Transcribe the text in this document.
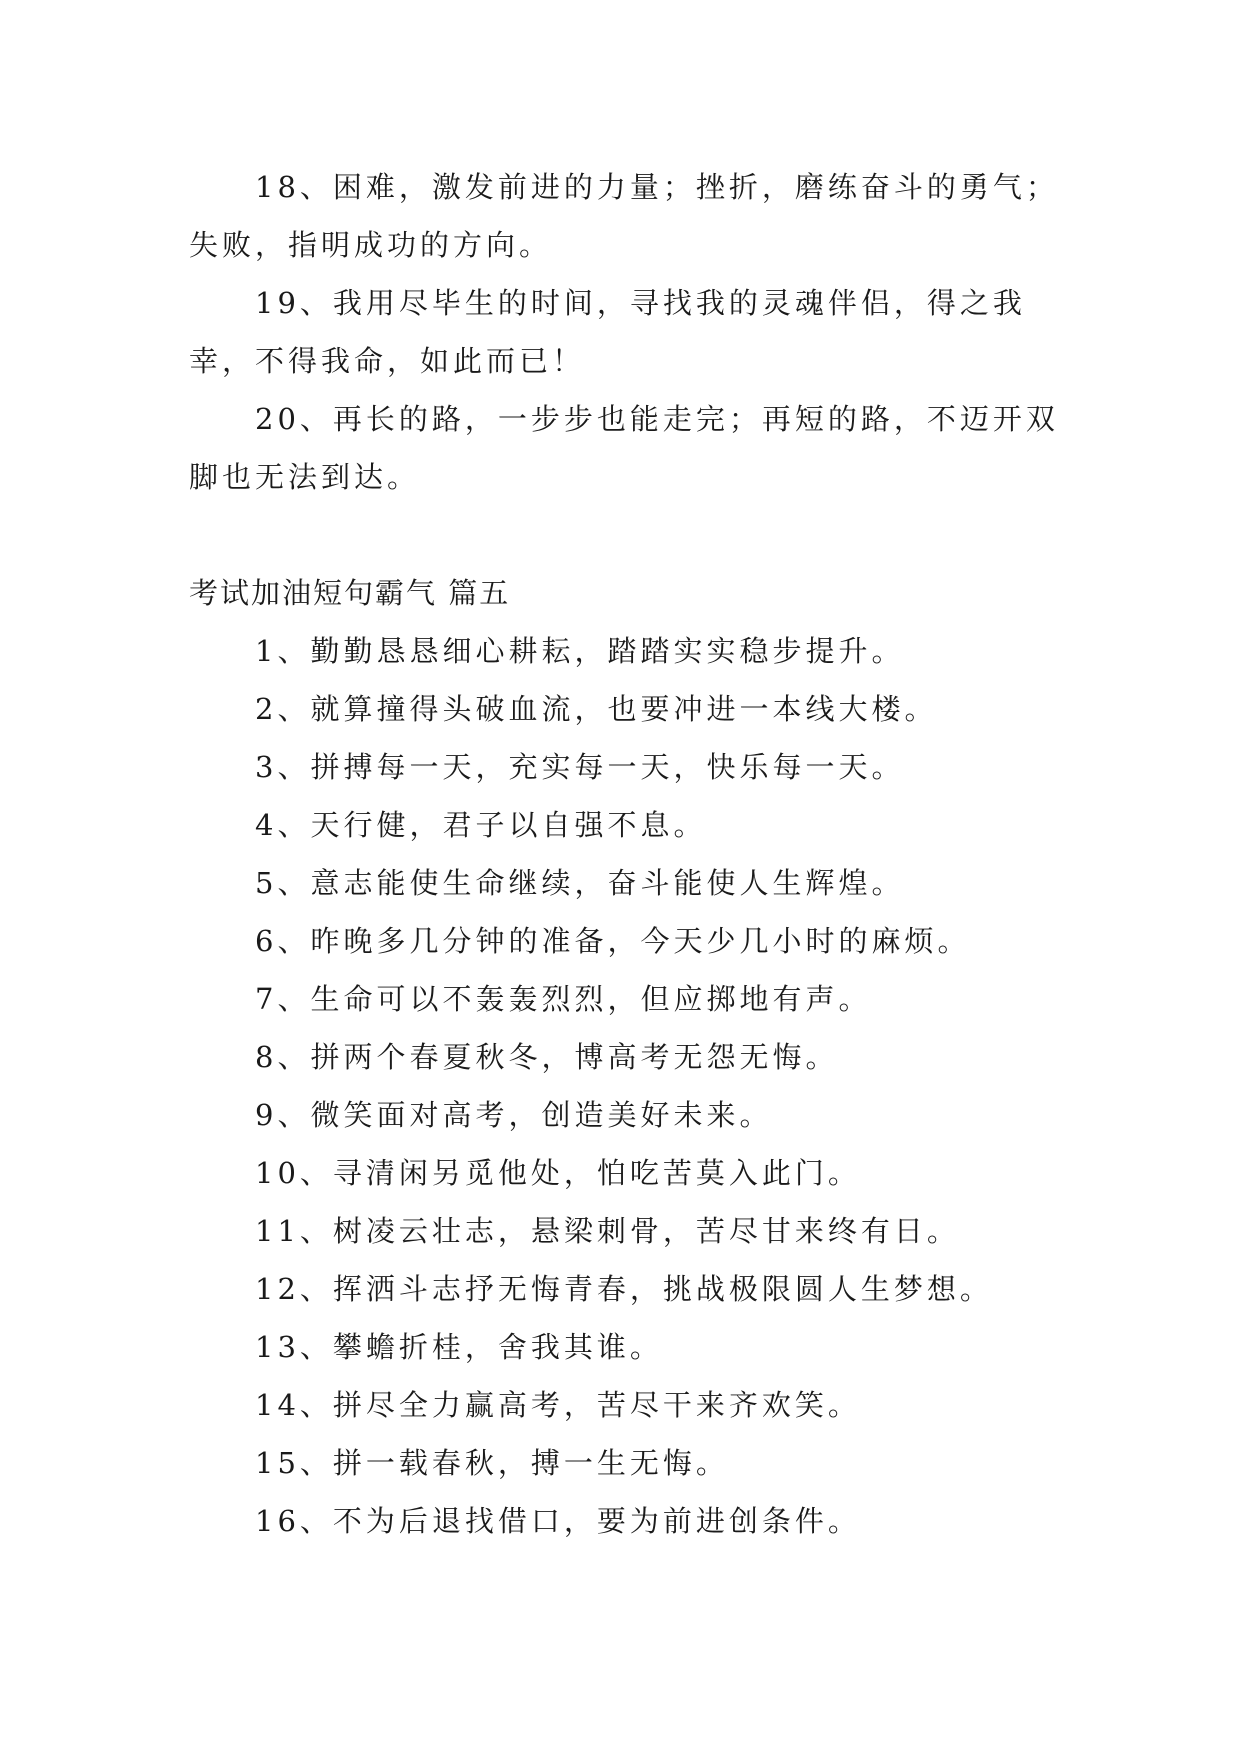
18、困难，激发前进的力量；挫折，磨练奋斗的勇气；失败，指明成功的方向。

19、我用尽毕生的时间，寻找我的灵魂伴侣，得之我幸，不得我命，如此而已！

20、再长的路，一步步也能走完；再短的路，不迈开双脚也无法到达。

考试加油短句霸气 篇五

1、勤勤恳恳细心耕耘，踏踏实实稳步提升。
2、就算撞得头破血流，也要冲进一本线大楼。
3、拼搏每一天，充实每一天，快乐每一天。
4、天行健，君子以自强不息。
5、意志能使生命继续，奋斗能使人生辉煌。
6、昨晚多几分钟的准备，今天少几小时的麻烦。
7、生命可以不轰轰烈烈，但应掷地有声。
8、拼两个春夏秋冬，博高考无怨无悔。
9、微笑面对高考，创造美好未来。
10、寻清闲另觅他处，怕吃苦莫入此门。
11、树凌云壮志，悬梁刺骨，苦尽甘来终有日。
12、挥洒斗志抒无悔青春，挑战极限圆人生梦想。
13、攀蟾折桂，舍我其谁。
14、拼尽全力赢高考，苦尽干来齐欢笑。
15、拼一载春秋，搏一生无悔。
16、不为后退找借口，要为前进创条件。
